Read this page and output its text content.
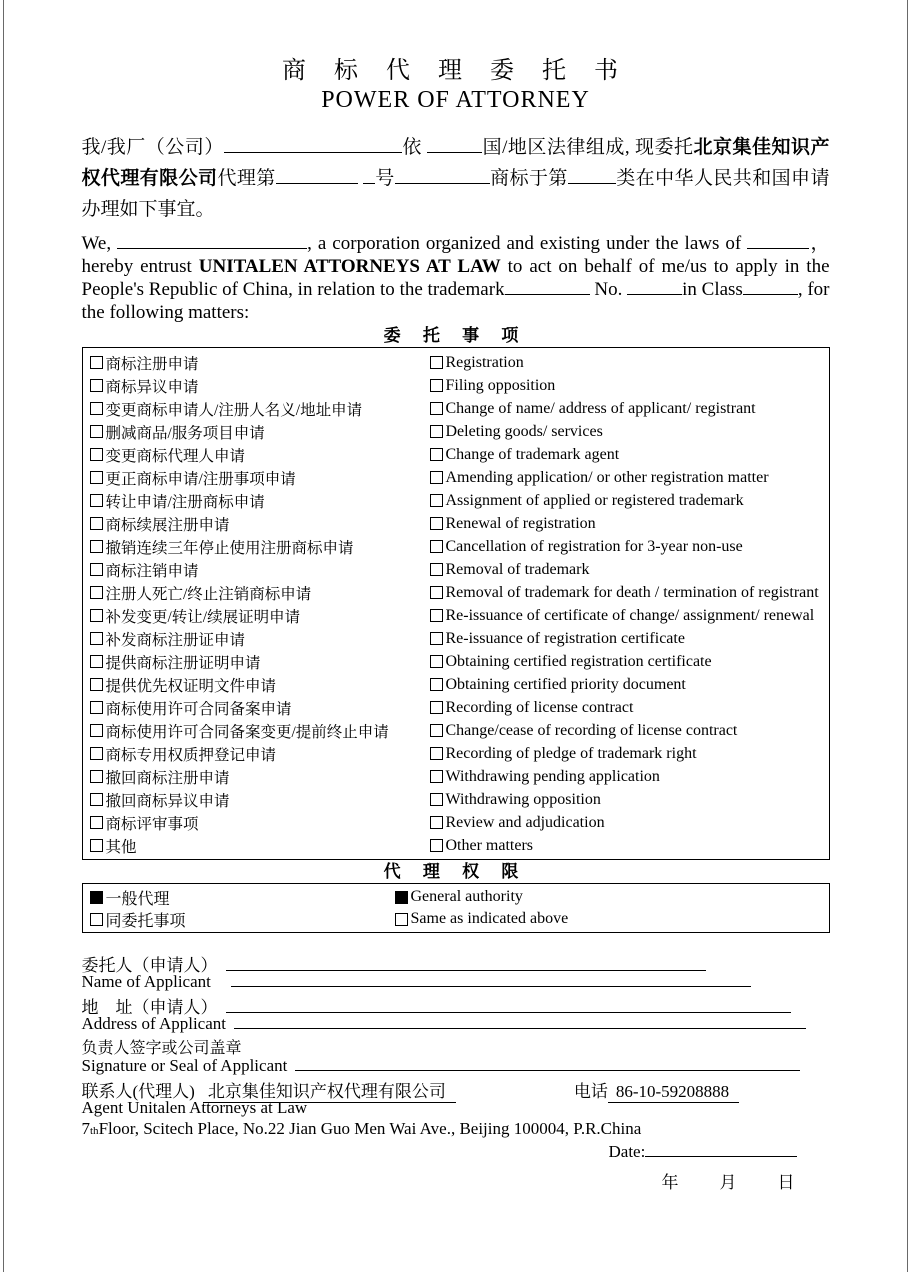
商 标 代 理 委 托 书
POWER OF ATTORNEY

我/我厂（公司）	依	国/地区法律组成, 现委托北京集佳知识产权代理有限公司代理第	号	商标于第	类在中华人民共和国申请办理如下事宜。

We,	, a corporation organized and existing under the laws of	， hereby entrust UNITALEN ATTORNEYS AT LAW to act on behalf of me/us to apply in the People's Republic of China, in relation to the trademark	No.	in Class	, for the following matters:

委 托 事 项
商标注册申请	Registration
商标异议申请	Filing opposition
变更商标申请人/注册人名义/地址申请	Change of name/ address of applicant/ registrant
删减商品/服务项目申请	Deleting goods/ services
变更商标代理人申请	Change of trademark agent
更正商标申请/注册事项申请	Amending application/ or other registration matter
转让申请/注册商标申请	Assignment of applied or registered trademark
商标续展注册申请	Renewal of registration
撤销连续三年停止使用注册商标申请	Cancellation of registration for 3-year non-use
商标注销申请	Removal of trademark
注册人死亡/终止注销商标申请	Removal of trademark for death / termination of registrant
补发变更/转让/续展证明申请	Re-issuance of certificate of change/ assignment/ renewal
补发商标注册证申请	Re-issuance of registration certificate
提供商标注册证明申请	Obtaining certified registration certificate
提供优先权证明文件申请	Obtaining certified priority document
商标使用许可合同备案申请	Recording of license contract
商标使用许可合同备案变更/提前终止申请	Change/cease of recording of license contract
商标专用权质押登记申请	Recording of pledge of trademark right
撤回商标注册申请	Withdrawing pending application
撤回商标异议申请	Withdrawing opposition
商标评审事项	Review and adjudication
其他	Other matters
代 理 权 限
一般代理	General authority
同委托事项	Same as indicated above
委托人（申请人）
Name of Applicant
地　址（申请人）
Address of Applicant
负责人签字或公司盖章
Signature or Seal of Applicant
联系人(代理人) 北京集佳知识产权代理有限公司	电话 86-10-59208888
Agent Unitalen Attorneys at Law
7 th Floor, Scitech Place, No.22 Jian Guo Men Wai Ave., Beijing 100004, P.R.China
Date:
年 月 日
